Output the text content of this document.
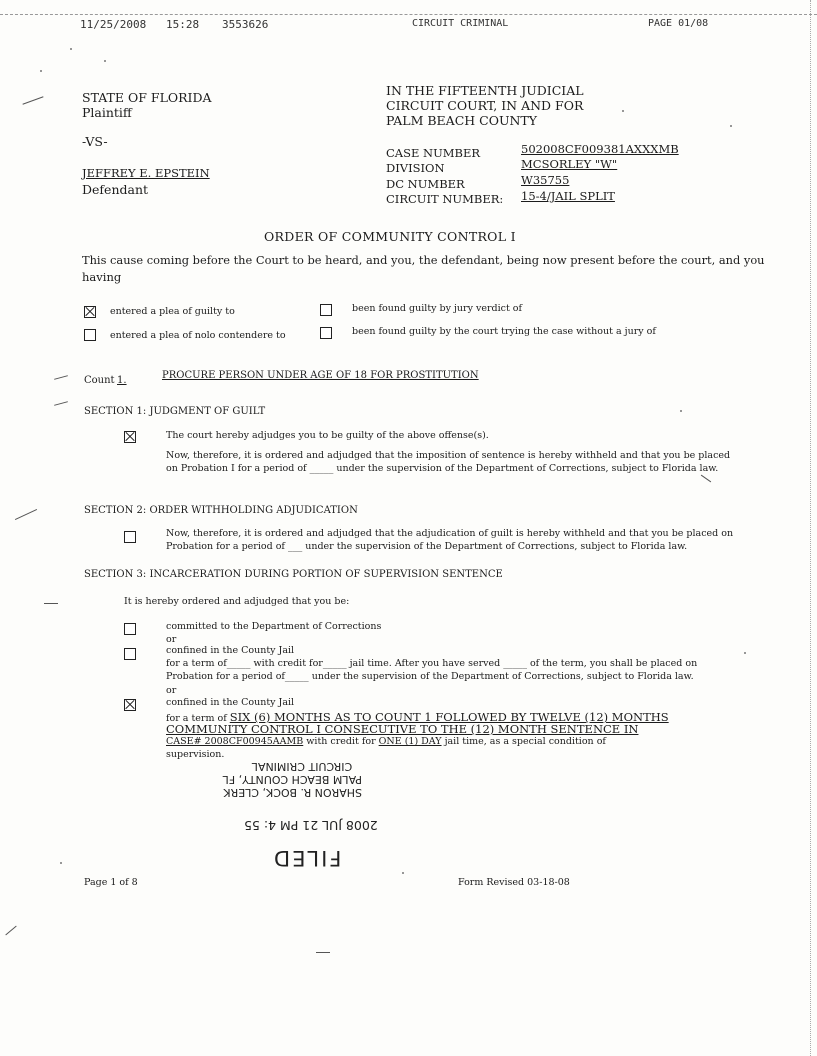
11/25/2008 15:28 3553626	CIRCUIT CRIMINAL	PAGE 01/08
STATE OF FLORIDA
Plaintiff
-VS-
JEFFREY E. EPSTEIN
Defendant
IN THE FIFTEENTH JUDICIAL
CIRCUIT COURT, IN AND FOR
PALM BEACH COUNTY
CASE NUMBER	502008CF009381AXXXMB
DIVISION	MCSORLEY "W"
DC NUMBER	W35755
CIRCUIT NUMBER: 15-4/JAIL SPLIT
ORDER OF COMMUNITY CONTROL I
This cause coming before the Court to be heard, and you, the defendant, being now present before the court, and you
having
entered a plea of guilty to
entered a plea of nolo contendere to
been found guilty by jury verdict of
been found guilty by the court trying the case without a jury of
Count 1.	PROCURE PERSON UNDER AGE OF 18 FOR PROSTITUTION
SECTION 1: JUDGMENT OF GUILT
The court hereby adjudges you to be guilty of the above offense(s).
Now, therefore, it is ordered and adjudged that the imposition of sentence is hereby withheld and that you be placed
on Probation I for a period of _____ under the supervision of the Department of Corrections, subject to Florida law.
SECTION 2: ORDER WITHHOLDING ADJUDICATION
Now, therefore, it is ordered and adjudged that the adjudication of guilt is hereby withheld and that you be placed on
Probation for a period of ___ under the supervision of the Department of Corrections, subject to Florida law.
SECTION 3: INCARCERATION DURING PORTION OF SUPERVISION SENTENCE
It is hereby ordered and adjudged that you be:
committed to the Department of Corrections
or
confined in the County Jail
for a term of_____ with credit for_____ jail time. After you have served _____ of the term, you shall be placed on
Probation for a period of_____ under the supervision of the Department of Corrections, subject to Florida law.
or
confined in the County Jail
for a term of SIX (6) MONTHS AS TO COUNT 1 FOLLOWED BY TWELVE (12) MONTHS
COMMUNITY CONTROL I CONSECUTIVE TO THE (12) MONTH SENTENCE IN
CASE# 2008CF00945AAMB with credit for ONE (1) DAY jail time, as a special condition of
supervision.
SHARON R. BOCK, CLERK
PALM BEACH COUNTY, FL
CIRCUIT CRIMINAL
2008 JUL 21 PM 4: 55
FILED
Page 1 of 8	Form Revised 03-18-08
